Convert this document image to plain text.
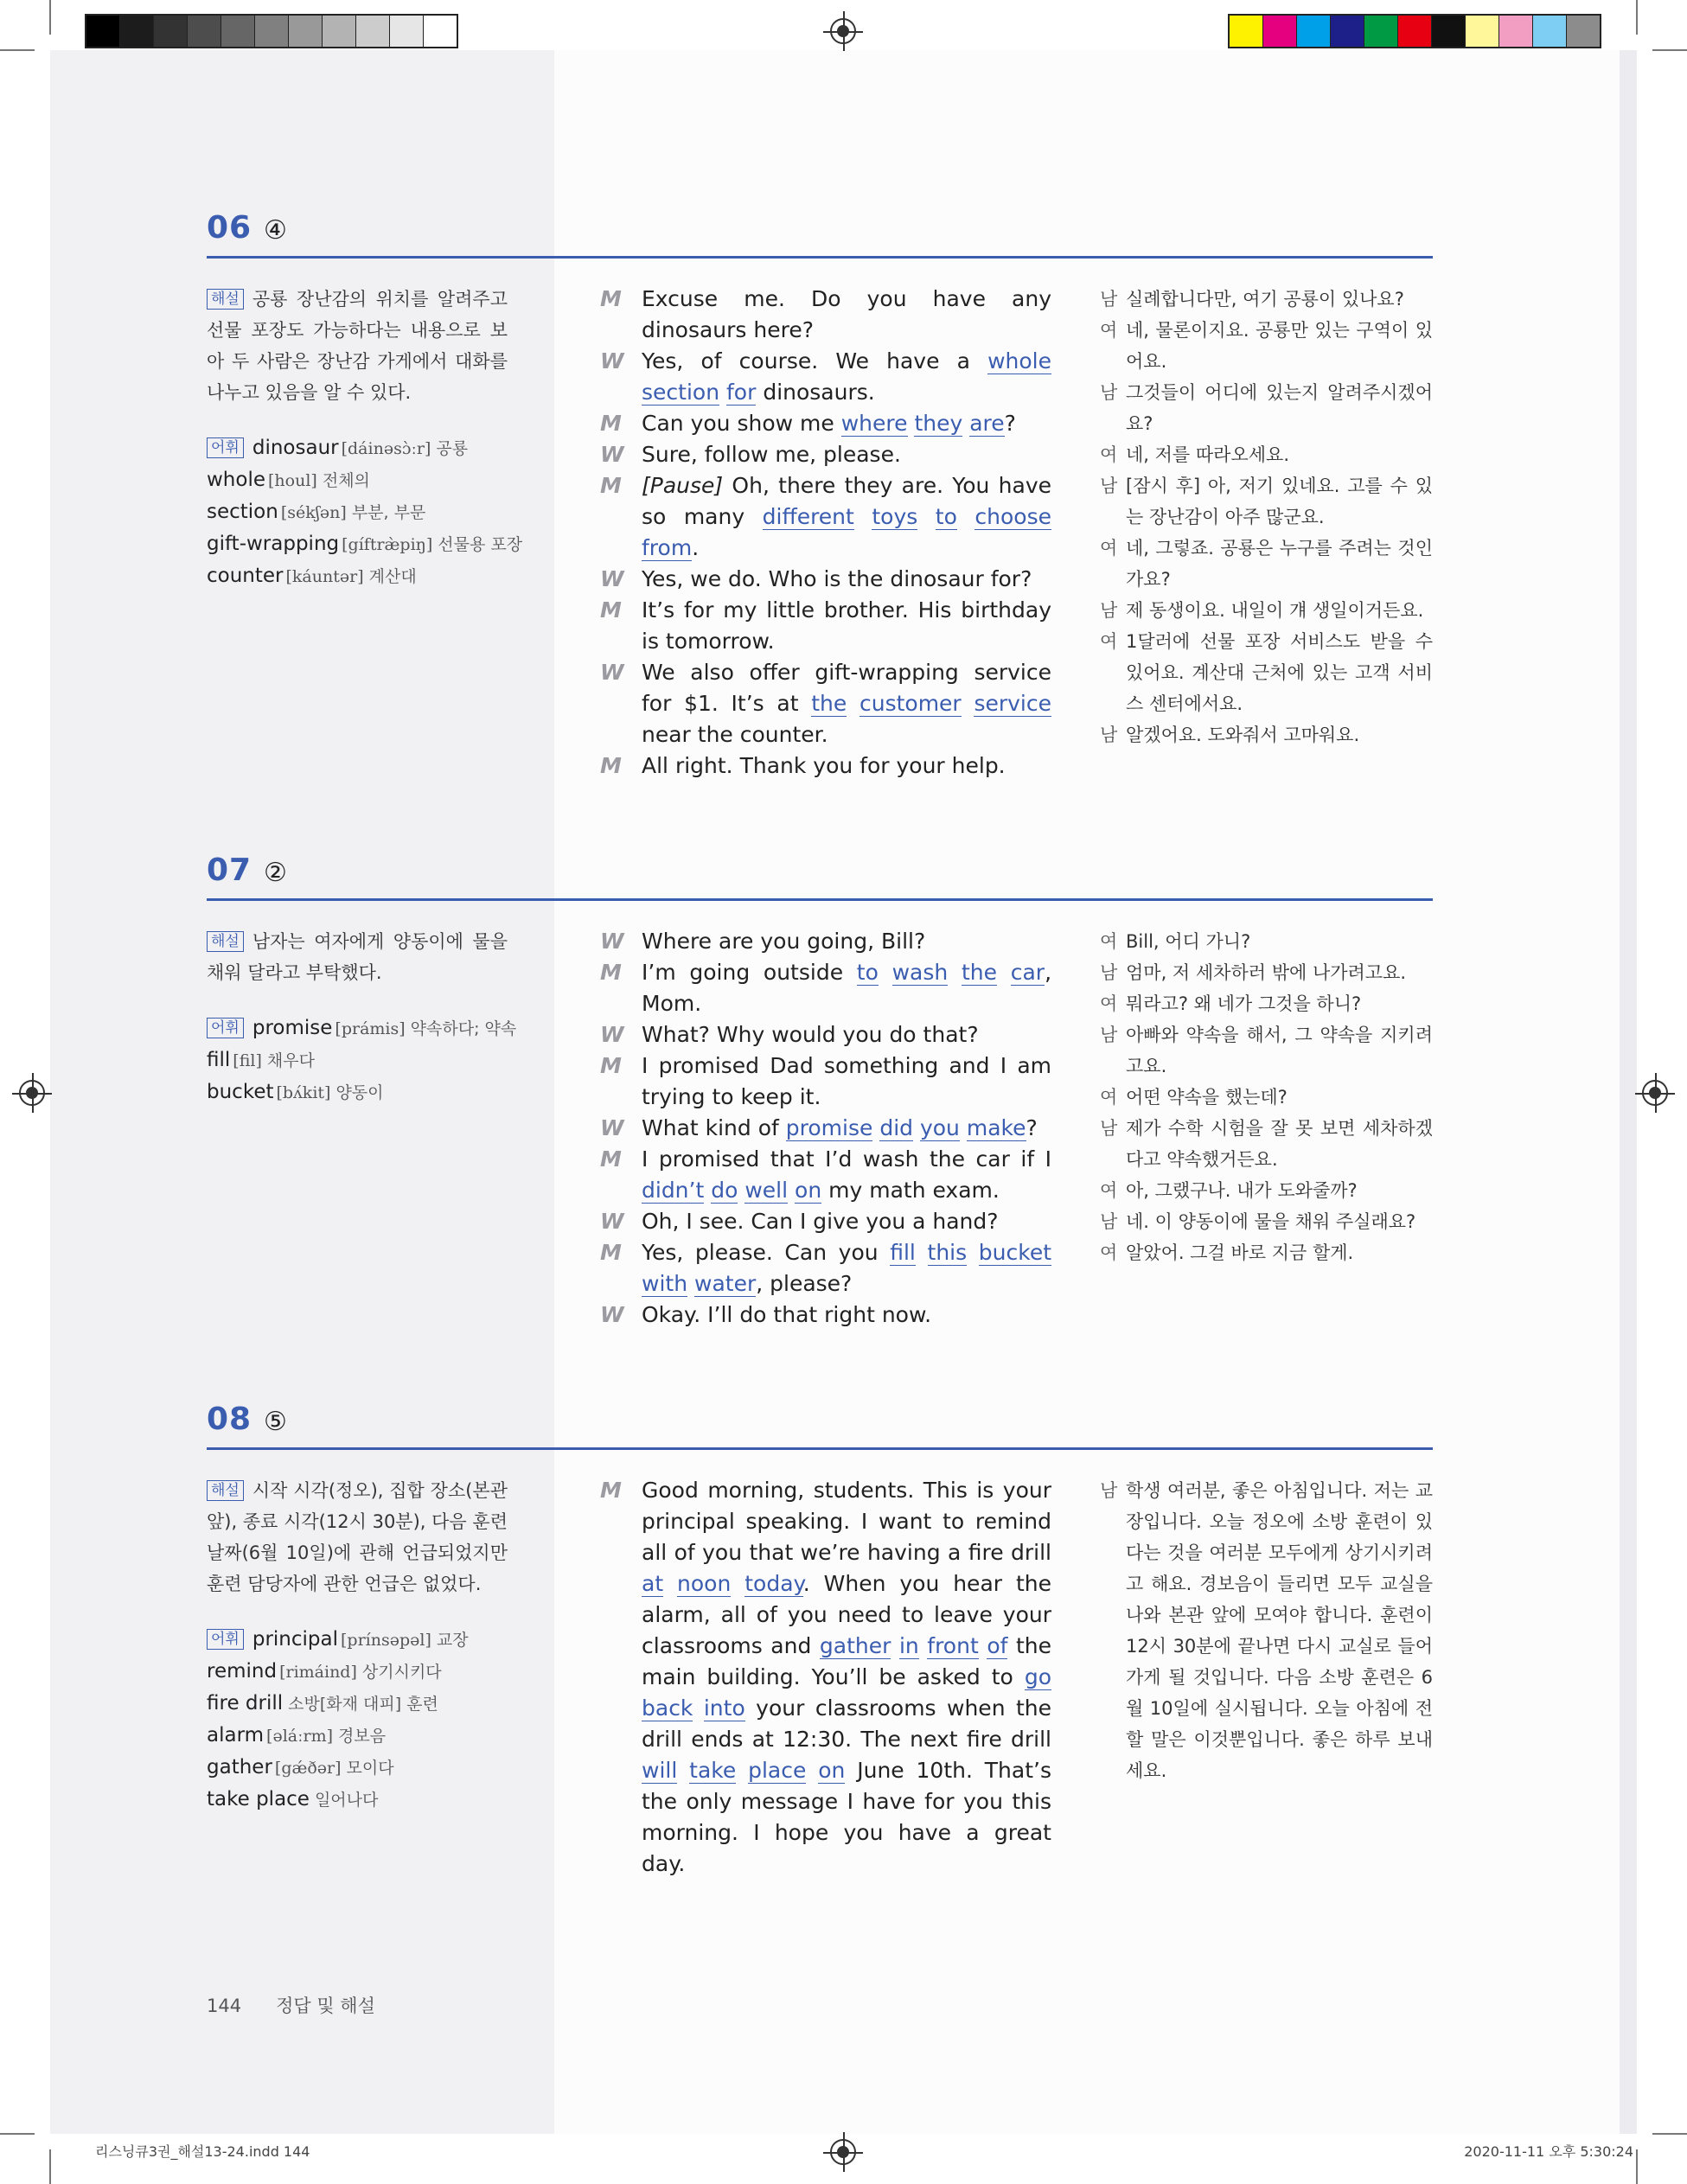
06 ④

해설 공룡 장난감의 위치를 알려주고 선물 포장도 가능하다는 내용으로 보아 두 사람은 장난감 가게에서 대화를 나누고 있음을 알 수 있다.

어휘 dinosaur [dáinəsɔ̀ːr] 공룡
whole [houl] 전체의
section [sékʃən] 부분, 부문
gift-wrapping [gíftræ̀piŋ] 선물용 포장
counter [káuntər] 계산대
M Excuse me. Do you have any dinosaurs here?
W Yes, of course. We have a whole section for dinosaurs.
M Can you show me where they are?
W Sure, follow me, please.
M [Pause] Oh, there they are. You have so many different toys to choose from.
W Yes, we do. Who is the dinosaur for?
M It’s for my little brother. His birthday is tomorrow.
W We also offer gift-wrapping service for $1. It’s at the customer service near the counter.
M All right. Thank you for your help.
남 실례합니다만, 여기 공룡이 있나요?
여 네, 물론이지요. 공룡만 있는 구역이 있어요.
남 그것들이 어디에 있는지 알려주시겠어요?
여 네, 저를 따라오세요.
남 [잠시 후] 아, 저기 있네요. 고를 수 있는 장난감이 아주 많군요.
여 네, 그렇죠. 공룡은 누구를 주려는 것인가요?
남 제 동생이요. 내일이 걔 생일이거든요.
여 1달러에 선물 포장 서비스도 받을 수 있어요. 계산대 근처에 있는 고객 서비스 센터에서요.
남 알겠어요. 도와줘서 고마워요.
07 ②

해설 남자는 여자에게 양동이에 물을 채워 달라고 부탁했다.

어휘 promise [prámis] 약속하다; 약속
fill [fil] 채우다
bucket [bʌ́kit] 양동이
W Where are you going, Bill?
M I’m going outside to wash the car, Mom.
W What? Why would you do that?
M I promised Dad something and I am trying to keep it.
W What kind of promise did you make?
M I promised that I’d wash the car if I didn’t do well on my math exam.
W Oh, I see. Can I give you a hand?
M Yes, please. Can you fill this bucket with water, please?
W Okay. I’ll do that right now.
여 Bill, 어디 가니?
남 엄마, 저 세차하러 밖에 나가려고요.
여 뭐라고? 왜 네가 그것을 하니?
남 아빠와 약속을 해서, 그 약속을 지키려고요.
여 어떤 약속을 했는데?
남 제가 수학 시험을 잘 못 보면 세차하겠다고 약속했거든요.
여 아, 그랬구나. 내가 도와줄까?
남 네. 이 양동이에 물을 채워 주실래요?
여 알았어. 그걸 바로 지금 할게.
08 ⑤

해설 시작 시각(정오), 집합 장소(본관 앞), 종료 시각(12시 30분), 다음 훈련 날짜(6월 10일)에 관해 언급되었지만 훈련 담당자에 관한 언급은 없었다.

어휘 principal [prínsəpəl] 교장
remind [rimáind] 상기시키다
fire drill 소방[화재 대피] 훈련
alarm [əláːrm] 경보음
gather [gǽðər] 모이다
take place 일어나다
M Good morning, students. This is your principal speaking. I want to remind all of you that we’re having a fire drill at noon today. When you hear the alarm, all of you need to leave your classrooms and gather in front of the main building. You’ll be asked to go back into your classrooms when the drill ends at 12:30. The next fire drill will take place on June 10th. That’s the only message I have for you this morning. I hope you have a great day.
남 학생 여러분, 좋은 아침입니다. 저는 교장입니다. 오늘 정오에 소방 훈련이 있다는 것을 여러분 모두에게 상기시키려고 해요. 경보음이 들리면 모두 교실을 나와 본관 앞에 모여야 합니다. 훈련이 12시 30분에 끝나면 다시 교실로 들어가게 될 것입니다. 다음 소방 훈련은 6월 10일에 실시됩니다. 오늘 아침에 전할 말은 이것뿐입니다. 좋은 하루 보내세요.
144 정답 및 해설
리스닝큐3권_해설13-24.indd 144	2020-11-11 오후 5:30:24
